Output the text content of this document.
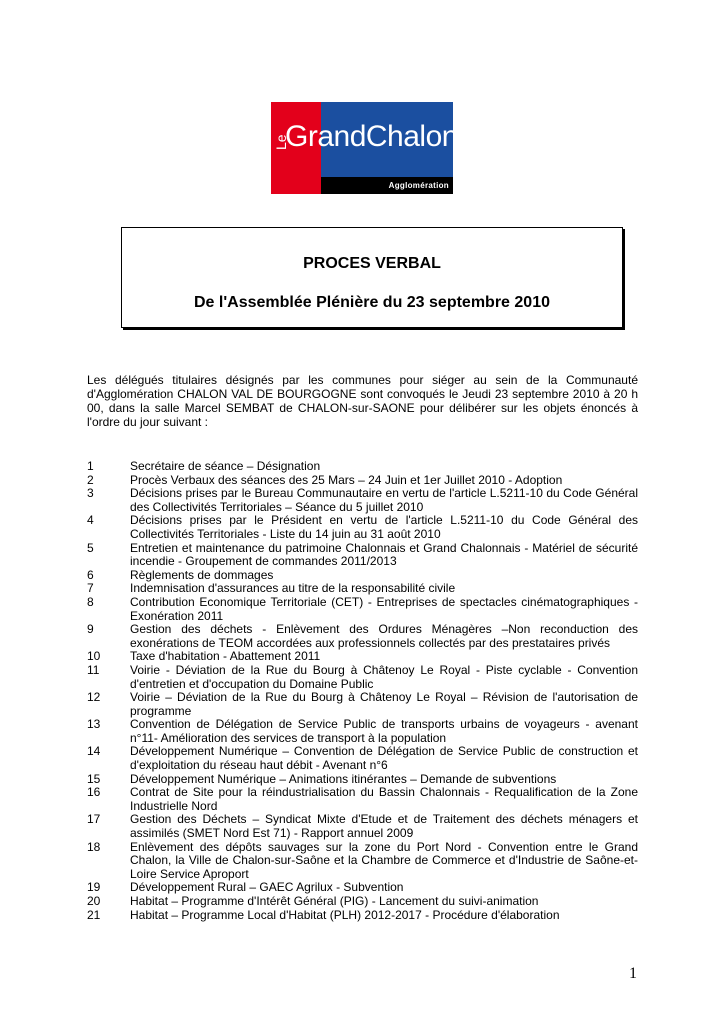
Le
GrandChalon
Agglomération
PROCES VERBAL
De l'Assemblée Plénière du 23 septembre 2010
Les délégués titulaires désignés par les communes pour siéger au sein de la Communauté d'Agglomération CHALON VAL DE BOURGOGNE sont convoqués le Jeudi 23 septembre 2010 à 20 h 00, dans la salle Marcel SEMBAT de CHALON-sur-SAONE pour délibérer sur les objets énoncés à l'ordre du jour suivant :
1	Secrétaire de séance – Désignation
2	Procès Verbaux des séances des 25 Mars – 24 Juin et 1er Juillet 2010 - Adoption
3	Décisions prises par le Bureau Communautaire en vertu de l'article L.5211-10 du Code Général des Collectivités Territoriales – Séance du 5 juillet 2010
4	Décisions prises par le Président en vertu de l'article L.5211-10 du Code Général des Collectivités Territoriales - Liste du 14 juin au 31 août 2010
5	Entretien et maintenance du patrimoine Chalonnais et Grand Chalonnais - Matériel de sécurité incendie - Groupement de commandes 2011/2013
6	Règlements de dommages
7	Indemnisation d'assurances au titre de la responsabilité civile
8	Contribution Economique Territoriale (CET) - Entreprises de spectacles cinématographiques - Exonération 2011
9	Gestion des déchets - Enlèvement des Ordures Ménagères –Non reconduction des exonérations de TEOM accordées aux professionnels collectés par des prestataires privés
10	Taxe d'habitation - Abattement 2011
11	Voirie - Déviation de la Rue du Bourg à Châtenoy Le Royal - Piste cyclable - Convention d'entretien et d'occupation du Domaine Public
12	Voirie – Déviation de la Rue du Bourg à Châtenoy Le Royal – Révision de l'autorisation de programme
13	Convention de Délégation de Service Public de transports urbains de voyageurs - avenant n°11- Amélioration des services de transport à la population
14	Développement Numérique – Convention de Délégation de Service Public de construction et d'exploitation du réseau haut débit - Avenant n°6
15	Développement Numérique – Animations itinérantes – Demande de subventions
16	Contrat de Site pour la réindustrialisation du Bassin Chalonnais - Requalification de la Zone Industrielle Nord
17	Gestion des Déchets – Syndicat Mixte d'Etude et de Traitement des déchets ménagers et assimilés (SMET Nord Est 71) - Rapport annuel 2009
18	Enlèvement des dépôts sauvages sur la zone du Port Nord - Convention entre le Grand Chalon, la Ville de Chalon-sur-Saône et la Chambre de Commerce et d'Industrie de Saône-et-Loire Service Aproport
19	Développement Rural – GAEC Agrilux - Subvention
20	Habitat – Programme d'Intérêt Général (PIG) - Lancement du suivi-animation
21	Habitat – Programme Local d'Habitat (PLH) 2012-2017 - Procédure d'élaboration
1
